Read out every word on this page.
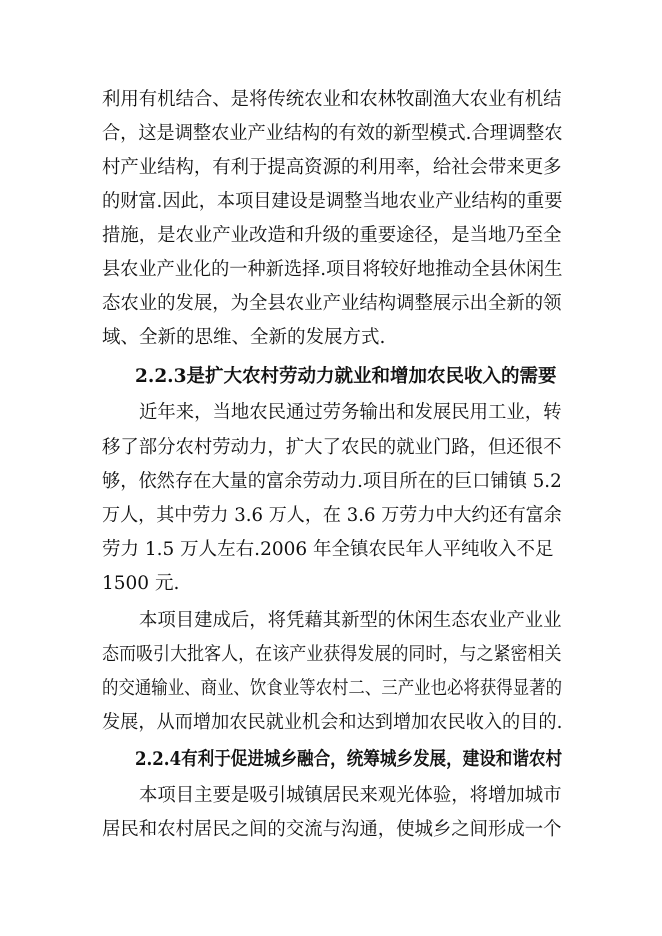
利用有机结合、是将传统农业和农林牧副渔大农业有机结
合，这是调整农业产业结构的有效的新型模式.合理调整农
村产业结构，有利于提高资源的利用率，给社会带来更多
的财富.因此，本项目建设是调整当地农业产业结构的重要
措施，是农业产业改造和升级的重要途径，是当地乃至全
县农业产业化的一种新选择.项目将较好地推动全县休闲生
态农业的发展，为全县农业产业结构调整展示出全新的领
域、全新的思维、全新的发展方式.
2.2.3是扩大农村劳动力就业和增加农民收入的需要
近年来，当地农民通过劳务输出和发展民用工业，转
移了部分农村劳动力，扩大了农民的就业门路，但还很不
够，依然存在大量的富余劳动力.项目所在的巨口铺镇 5.2
万人，其中劳力 3.6 万人，在 3.6 万劳力中大约还有富余
劳力 1.5 万人左右.2006 年全镇农民年人平纯收入不足
1500 元.
本项目建成后，将凭藉其新型的休闲生态农业产业业
态而吸引大批客人，在该产业获得发展的同时，与之紧密相关
的交通输业、商业、饮食业等农村二、三产业也必将获得显著的
发展，从而增加农民就业机会和达到增加农民收入的目的.
2.2.4有利于促进城乡融合，统筹城乡发展，建设和谐农村
本项目主要是吸引城镇居民来观光体验，将增加城市
居民和农村居民之间的交流与沟通，使城乡之间形成一个
